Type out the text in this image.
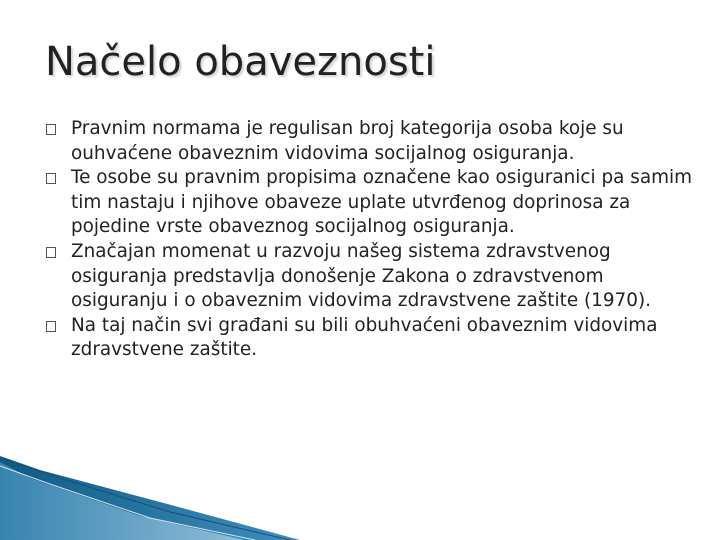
Načelo obaveznosti
Pravnim normama je regulisan broj kategorija osoba koje su ouhvaćene obaveznim vidovima socijalnog osiguranja.
Te osobe su pravnim propisima označene kao osiguranici pa samim tim nastaju i njihove obaveze uplate utvrđenog doprinosa za pojedine vrste obaveznog socijalnog osiguranja.
Značajan momenat u razvoju našeg sistema zdravstvenog osiguranja predstavlja donošenje Zakona o zdravstvenom osiguranju i o obaveznim vidovima zdravstvene zaštite (1970).
Na taj način svi građani su bili obuhvaćeni obaveznim vidovima zdravstvene zaštite.
